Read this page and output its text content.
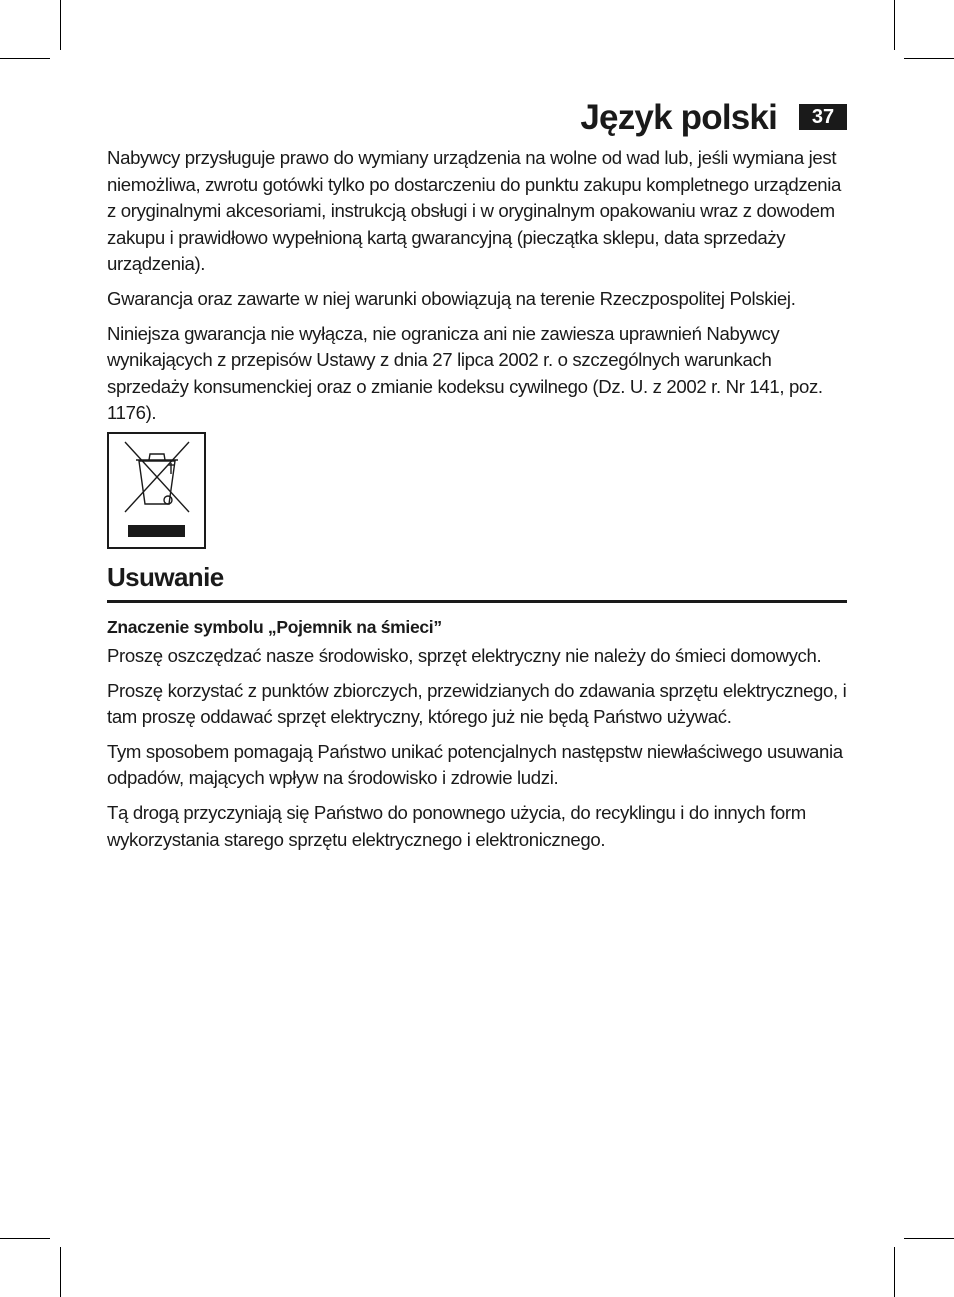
Język polski	37

Nabywcy przysługuje prawo do wymiany urządzenia na wolne od wad lub, jeśli wymiana jest niemożliwa, zwrotu gotówki tylko po dostarczeniu do punktu zakupu kompletnego urządzenia z oryginalnymi akcesoriami, instrukcją obsługi i w oryginalnym opakowaniu wraz z dowodem zakupu i prawidłowo wypełnioną kartą gwarancyjną (pieczątka sklepu, data sprzedaży urządzenia).

Gwarancja oraz zawarte w niej warunki obowiązują na terenie Rzeczpospolitej Polskiej.

Niniejsza gwarancja nie wyłącza, nie ogranicza ani nie zawiesza uprawnień Nabywcy wynikających z przepisów Ustawy z dnia 27 lipca 2002 r. o szczególnych warunkach sprzedaży konsumenckiej oraz o zmianie kodeksu cywilnego (Dz. U. z 2002 r. Nr 141, poz. 1176).

Usuwanie

Znaczenie symbolu „Pojemnik na śmieci”

Proszę oszczędzać nasze środowisko, sprzęt elektryczny nie należy do śmieci domowych.

Proszę korzystać z punktów zbiorczych, przewidzianych do zdawania sprzętu elektrycznego, i tam proszę oddawać sprzęt elektryczny, którego już nie będą Państwo używać.

Tym sposobem pomagają Państwo unikać potencjalnych następstw niewłaściwego usuwania odpadów, mających wpływ na środowisko i zdrowie ludzi.

Tą drogą przyczyniają się Państwo do ponownego użycia, do recyklingu i do innych form wykorzystania starego sprzętu elektrycznego i elektronicznego.
